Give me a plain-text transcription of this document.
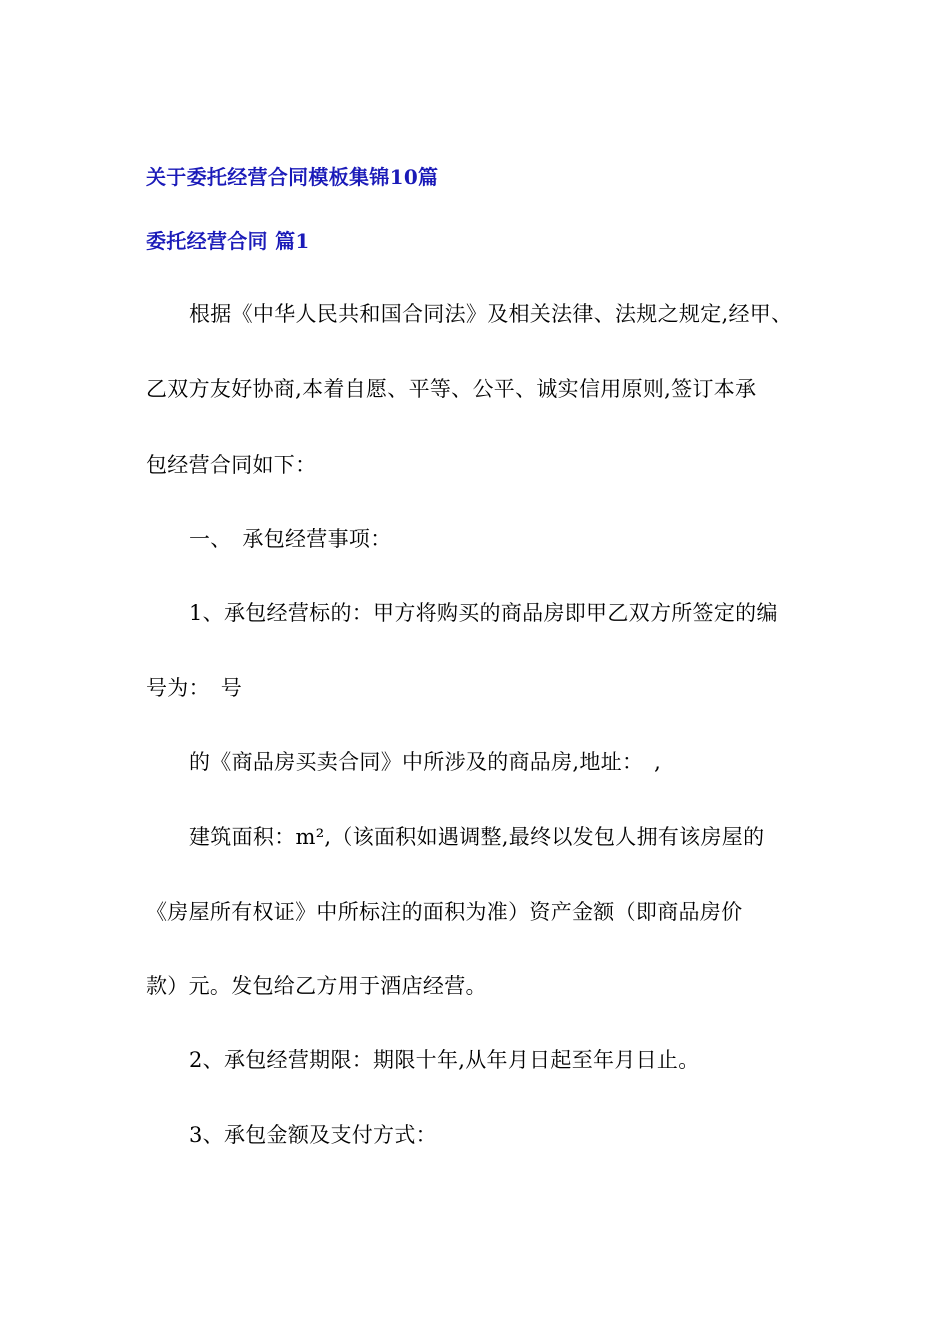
关于委托经营合同模板集锦10篇
委托经营合同 篇1
根据《中华人民共和国合同法》及相关法律、法规之规定,经甲、
乙双方友好协商,本着自愿、平等、公平、诚实信用原则,签订本承
包经营合同如下：
一、　承包经营事项：
1、承包经营标的：甲方将购买的商品房即甲乙双方所签定的编
号为：　号
的《商品房买卖合同》中所涉及的商品房,地址：　,
建筑面积：m²,（该面积如遇调整,最终以发包人拥有该房屋的
《房屋所有权证》中所标注的面积为准）资产金额（即商品房价
款）元。发包给乙方用于酒店经营。
2、承包经营期限：期限十年,从年月日起至年月日止。
3、承包金额及支付方式：
